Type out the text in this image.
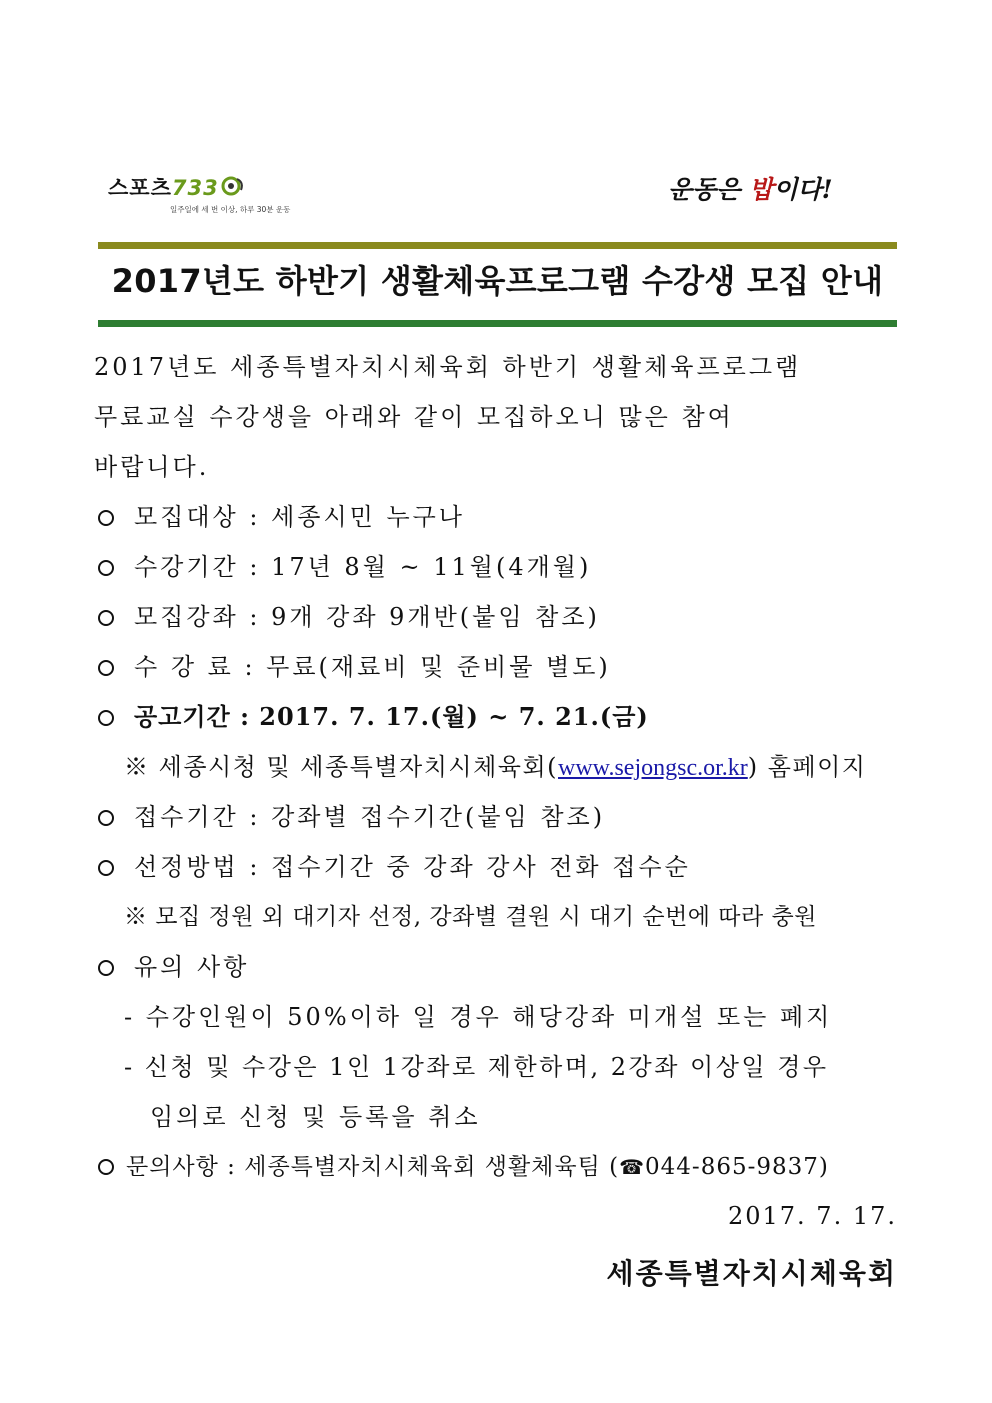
스포츠733
일주일에 세 번 이상, 하루 30분 운동
운동은 밥이다!
2017년도 하반기 생활체육프로그램 수강생 모집 안내
2017년도 세종특별자치시체육회 하반기 생활체육프로그램
무료교실 수강생을 아래와 같이 모집하오니 많은 참여
바랍니다.
모집대상 : 세종시민 누구나
수강기간 : 17년 8월 ~ 11월(4개월)
모집강좌 : 9개 강좌 9개반(붙임 참조)
수 강 료 : 무료(재료비 및 준비물 별도)
공고기간 : 2017. 7. 17.(월) ~ 7. 21.(금)
※ 세종시청 및 세종특별자치시체육회(www.sejongsc.or.kr) 홈페이지
접수기간 : 강좌별 접수기간(붙임 참조)
선정방법 : 접수기간 중 강좌 강사 전화 접수순
※ 모집 정원 외 대기자 선정, 강좌별 결원 시 대기 순번에 따라 충원
유의 사항
- 수강인원이 50%이하 일 경우 해당강좌 미개설 또는 폐지
- 신청 및 수강은 1인 1강좌로 제한하며, 2강좌 이상일 경우
임의로 신청 및 등록을 취소
문의사항 : 세종특별자치시체육회 생활체육팀 (☎044-865-9837)
2017. 7. 17.
세종특별자치시체육회
